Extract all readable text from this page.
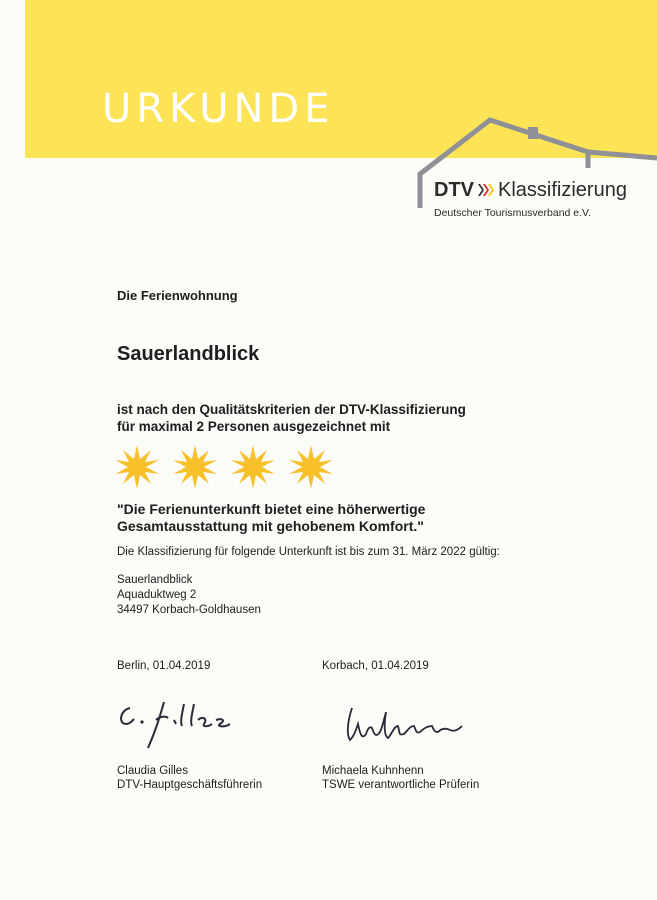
URKUNDE
DTV Klassifizierung
Deutscher Tourismusverband e.V.
Die Ferienwohnung
Sauerlandblick
ist nach den Qualitätskriterien der DTV-Klassifizierung
für maximal 2 Personen ausgezeichnet mit
"Die Ferienunterkunft bietet eine höherwertige
Gesamtausstattung mit gehobenem Komfort."
Die Klassifizierung für folgende Unterkunft ist bis zum 31. März 2022 gültig:
Sauerlandblick
Aquaduktweg 2
34497 Korbach-Goldhausen
Berlin, 01.04.2019	Korbach, 01.04.2019
Claudia Gilles
DTV-Hauptgeschäftsführerin
Michaela Kuhnhenn
TSWE verantwortliche Prüferin
